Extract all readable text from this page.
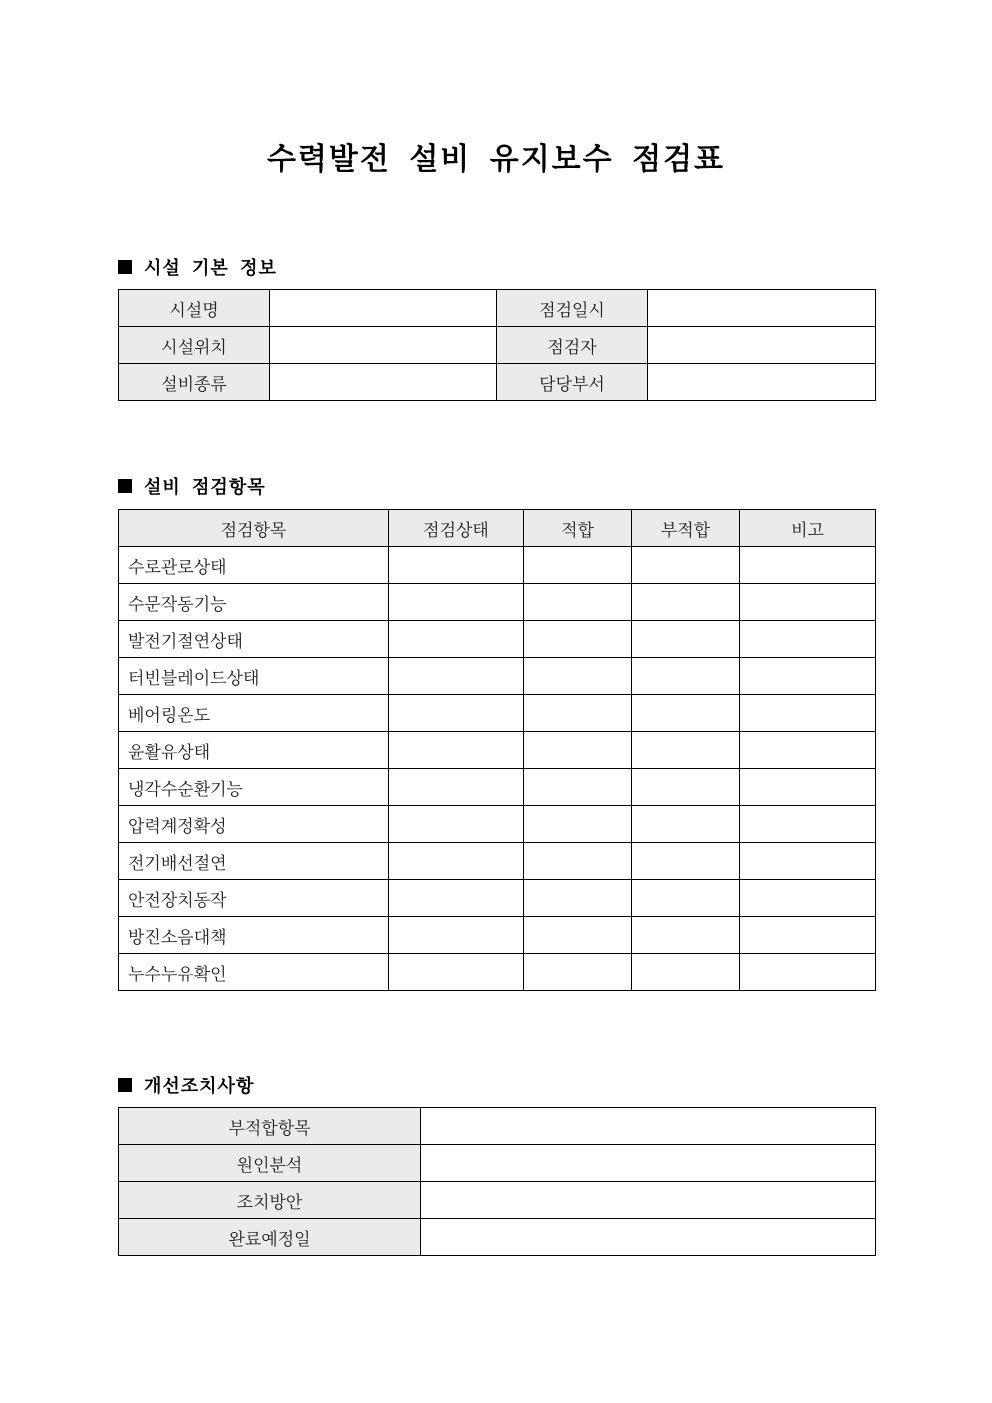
수력발전 설비 유지보수 점검표
시설 기본 정보
시설명		점검일시	
시설위치		점검자	
설비종류		담당부서	
설비 점검항목
점검항목	점검상태	적합	부적합	비고
수로관로상태				
수문작동기능				
발전기절연상태				
터빈블레이드상태				
베어링온도				
윤활유상태				
냉각수순환기능				
압력계정확성				
전기배선절연				
안전장치동작				
방진소음대책				
누수누유확인				
개선조치사항
부적합항목	
원인분석	
조치방안	
완료예정일	
